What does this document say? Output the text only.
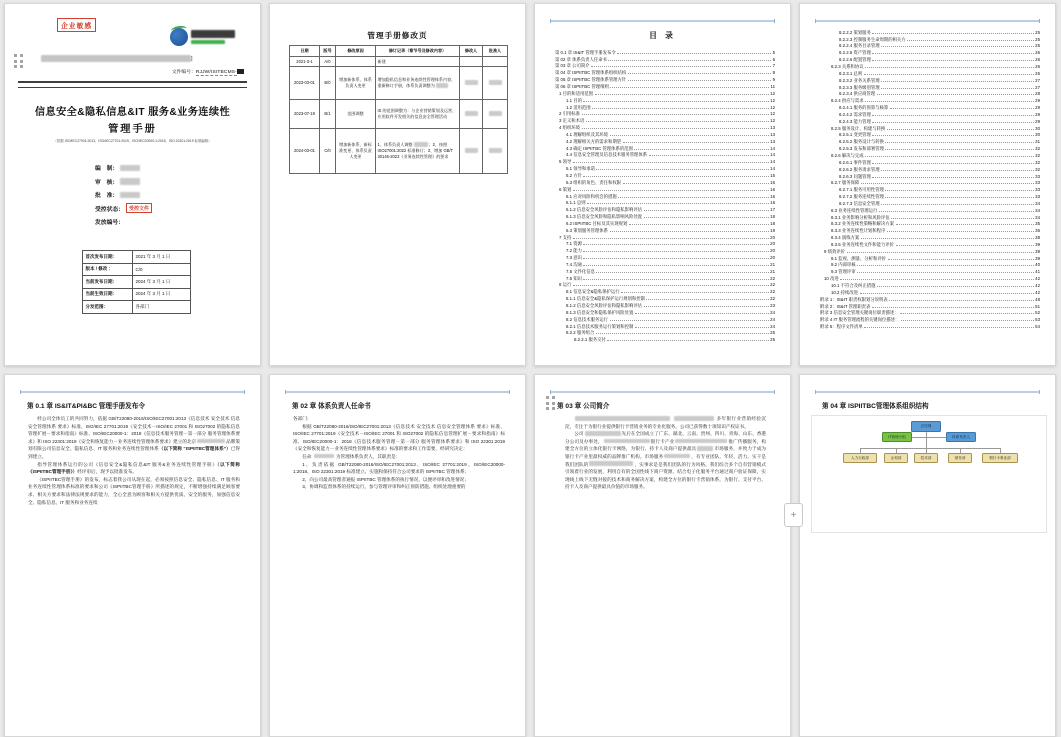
企业敏感
]
文件编号：RJJW/ISITBCMS-
信息安全&隐私信息&IT 服务&业务连续性
管理手册
（依据 ISO/IEC27001:2013、ISO/IEC27701:2019、ISO/IEC20000-1:2018、ISO 22301:2019 标准编制）
编　制：
审　核：
批　准：
受控状态：	受控文件
发放编号：
首次发布日期：	2021 年 3 月 1 日
版本 / 修改 ：	C/0
当前发布日期：	2024 年 3 月 1 日
当前生效日期：	2024 年 3 月 1 日
分发范围：	各部门
管理手册修改页
日期	版号	修改原因	修订记录（章节号及修改内容）	修改人	批准人
2021-3-1	A/0		新建		
2023-03-01	B/0	增加新体系、体系负责人变更	增加隐私信息和业务连续性管理体系内容、重新修订手册，体系负责调整为		
2023-07-19	B/1	范围调整	IS 的范围调整为：与企业营销策划及运营、应用软件开发相关的信息安全管理活动		
2024-03-01	C/0	增加新体系、新标准变更、体系负责人变更	1、体系负责人调整 ；2、按照 ISO27001:2022 标准修订；3、增加 GB/T 30146-2023《业务连续性管理》的要求		
目 录
第 0.1 章 IS&IT 管理手册发布令	5
第 02 章 体系负责人任命书	6
第 03 章 公司简介	7
第 04 章 ISPIITBC 管理体系组织结构	8
第 05 章 ISPIITBC 管理体系管理方针	9
第 06 章 ISPIITBC 管理细则	11
1 目的和适用范围	12
1.1 目的	12
1.2 适用范围	12
2 引用标准	12
3 定义和术语	12
4 组织环境	13
4.1 理解组织及其环境	13
4.2 理解相关方的需求和期望	13
4.3 确定 ISPIITBC 管理体系的范围	14
4.4 信息安全管理及信息技术服务管理体系	14
5 领导	14
5.1 领导和承诺	14
5.2 方针	15
5.3 组织的角色、责任和权限	16
6 策划	16
6.1 应对风险和机会的措施	16
6.1.1 总则	16
6.1.2 信息安全风险评估和隐私影响评估	17
6.1.3 信息安全风险和隐私影响风险处置	18
6.2 ISPIITBC 目标及其实现规划	18
6.3 策划服务管理体系	19
7 支持	20
7.1 资源	20
7.2 能力	20
7.3 意识	20
7.4 沟通	21
7.5 文件化信息	21
7.6 知识	22
8 运行	22
8.1 信息安全&隐私保护运行	22
8.1.1 信息安全&隐私保护运行规划和控制	22
8.1.2 信息安全风险评估和隐私影响评估	23
8.1.3 信息安全和隐私保护风险处置	24
8.2 信息技术服务运行	24
8.2.1 信息技术服务运行策划和控制	24
8.2.2 服务组合	25
8.2.2.1 服务交付	25
8.2.2.2 策划服务	25
8.2.2.3 控制服务生命周期的相关方	25
8.2.2.4 服务目录管理	26
8.2.2.5 资产管理	26
8.2.2.6 配置管理	26
8.2.3 关系和协议	26
8.2.3.1 总则	26
8.2.3.2 业务关系管理	27
8.2.3.3 服务级别管理	27
8.2.3.4 供应商管理	28
8.2.4 供应与需求	29
8.2.4.1 服务的预算与核算	29
8.2.4.2 需求管理	29
8.2.4.3 能力管理	29
8.2.5 服务设计、构建与转换	30
8.2.5.1 变更管理	30
8.2.5.2 服务设计与转换	31
8.2.5.3 发布和部署管理	32
8.2.6 解决与完成	32
8.2.6.1 事件管理	32
8.2.6.2 服务请求管理	32
8.2.6.3 问题管理	33
8.2.7 服务保障	33
8.2.7.1 服务可用性管理	33
8.2.7.2 服务连续性管理	33
8.2.7.3 信息安全管理	34
8.3 业务连续性管理运行	34
8.3.1 业务影响分析和风险评估	34
8.3.2 业务连续性策略和解决方案	35
8.3.3 业务连续性计划和程序	36
8.3.4 演练方案	38
8.3.5 业务连续性文件和能力评价	39
9 绩效评价	39
9.1 监视、测量、分析和评价	39
9.2 内部审核	40
9.3 管理评审	41
10 改进	42
10.1 不符合及纠正措施	42
10.2 持续改进	42
附录 1：IS&IT 职责权限划分说明表	48
附录 2：IS&IT 管理职责表	51
附录 3 信息安全管理关键岗位职责描述：	52
附录 4 IT 服务管理流程的关键岗位描述：	53
附录 5：程序文件清单	54
第 0.1 章 IS&IT&PI&BC 管理手册发布令

经公司全体员工的共同努力，依据 GB/T22080-2016/ISO/IEC27001:2013《信息技术 安全技术 信息安全管理体系 要求》标准、ISO/IEC 27701:2019《安全技术－ISO/IEC 27001 和 ISO27002 的隐私信息管理扩展－要求和指南》标准、ISO/IEC20000-1：2018《信息技术服务管理－第一部分 服务管理体系要求》和 ISO 22301:2019《安全和恢复能力－业务连续性管理体系要求》建立的北京	品牌策划有限公司信息安全、隐私信息、IT 服务和业务连续性管理体系（以下简称 “ISPIITBC管理体系”）已得到建立。

指导管理体系运行的公司《信息安全&隐私信息&IT 服务&业务连续性管理手册》（以下简称《ISPIITBC管理手册》）经评审后，现予以批准发布。

《ISPIITBC管理手册》的发布，标志着我公司从现在起，必须按照信息安全、隐私信息、IT 服务和业务连续性管理体系标准的要求和公司《ISPIITBC管理手册》所描述的规定，不断增强持续满足顾客要求、相关方要求和法律法规要求的能力，全心全意为顾客和相关方提供优质、安全的服务，加强信息安全、隐私信息、IT 服务和业务连续

第 02 章 体系负责人任命书

各部门：

根据 GB/T22080-2016/ISO/IEC27001:2013《信息技术 安全技术 信息安全管理体系 要求》标准、ISO/IEC 27701:2019《安全技术－ISO/IEC 27001 和 ISO27002 的隐私信息管理扩展－要求和指南》标准、ISO/IEC20000-1：2018《信息技术服务管理－第一部分 服务管理体系要求》和 ISO 22301:2019《安全和恢复能力－业务连续性管理体系要求》标准的要求和工作需要，经研究决定：

任命	为管理体系负责人，其职责是：

1、负责依据 GB/T22080-2016/ISO/IEC27001:2013、ISO/IEC 27701:2019、ISO/IEC20000-1:2018、ISO 22301:2019 标准建立、实施和保持符合公司要求的 ISPIITBC 管理体系；

2、向公司最高管理者通报 ISPIITBC 管理体系的执行情况，以便评审和改进情况；

3、协调和监督体系的持续运行，参与管理评审和纠正预防措施、组织处理重要的

第 03 章 公司简介

多年银行业营销经验沉淀，专注于为银行业提供银行卡营销业务的专业化服务。公司已获得数十项知识产权证书。

公司	先后在全国成立了广东、湖北、云南、贵州、四川、青海、山东、香港分公司及办事处，	银行卡产业	推广传播服务，构建全方位的立体化银行卡网络，为银行、持卡人及商户提供最具	市场服务，并致力于成为银行卡产业里最权威的品牌推广机构。市场服务	，有专业团队，年轻、活力、实干是我们团队的	，实事求是是我们团队的行为风格。我们综合多个自有营销模式引领着行业的发展，利用自有的全国性线下商户资源，结合电子化服务平台通过商户验证保障，实现线上线下无缝对接的技术和商务解决方案，构建全方位的银行卡营销体系，为银行、支付平台、持卡人及商户提供最具价值的市场服务。

第 04 章 ISPIITBC管理体系组织结构
总经理
IT管理小组	体系负责人
人力行政部	企划部	技术部	财务部	银行卡事业部
+
